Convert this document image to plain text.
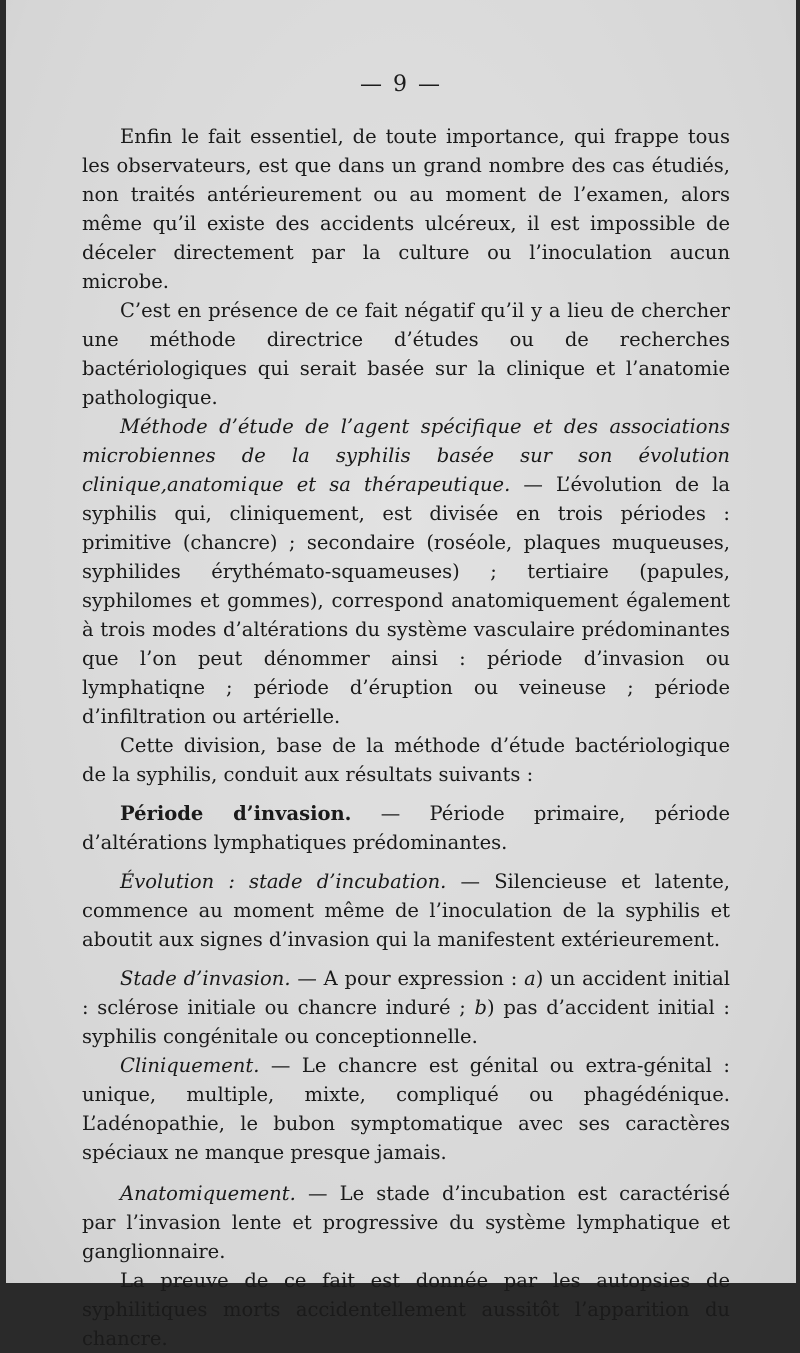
— 9 —

Enfin le fait essentiel, de toute importance, qui frappe tous les observateurs, est que dans un grand nombre des cas étudiés, non traités antérieurement ou au moment de l’examen, alors même qu’il existe des accidents ulcéreux, il est impossible de déceler directement par la culture ou l’inoculation aucun microbe.

C’est en présence de ce fait négatif qu’il y a lieu de chercher une méthode directrice d’études ou de recherches bactériologiques qui serait basée sur la clinique et l’anatomie pathologique.

Méthode d’étude de l’agent spécifique et des associations microbiennes de la syphilis basée sur son évolution clinique,anatomique et sa thérapeutique. — L’évolution de la syphilis qui, cliniquement, est divisée en trois périodes : primitive (chancre) ; secondaire (roséole, plaques muqueuses, syphilides érythémato-squameuses) ; tertiaire (papules, syphilomes et gommes), correspond anatomiquement également à trois modes d’altérations du système vasculaire prédominantes que l’on peut dénommer ainsi : période d’invasion ou lymphatiqne ; période d’éruption ou veineuse ; période d’infiltration ou artérielle.

Cette division, base de la méthode d’étude bactériologique de la syphilis, conduit aux résultats suivants :

Période d’invasion. — Période primaire, période d’altérations lymphatiques prédominantes.

Évolution : stade d’incubation. — Silencieuse et latente, commence au moment même de l’inoculation de la syphilis et aboutit aux signes d’invasion qui la manifestent extérieurement.

Stade d’invasion. — A pour expression : a) un accident initial : sclérose initiale ou chancre induré ; b) pas d’accident initial : syphilis congénitale ou conceptionnelle.

Cliniquement. — Le chancre est génital ou extra-génital : unique, multiple, mixte, compliqué ou phagédénique. L’adénopathie, le bubon symptomatique avec ses caractères spéciaux ne manque presque jamais.

Anatomiquement. — Le stade d’incubation est caractérisé par l’invasion lente et progressive du système lymphatique et ganglionnaire.

La preuve de ce fait est donnée par les autopsies de syphilitiques morts accidentellement aussitôt l’apparition du chancre.
